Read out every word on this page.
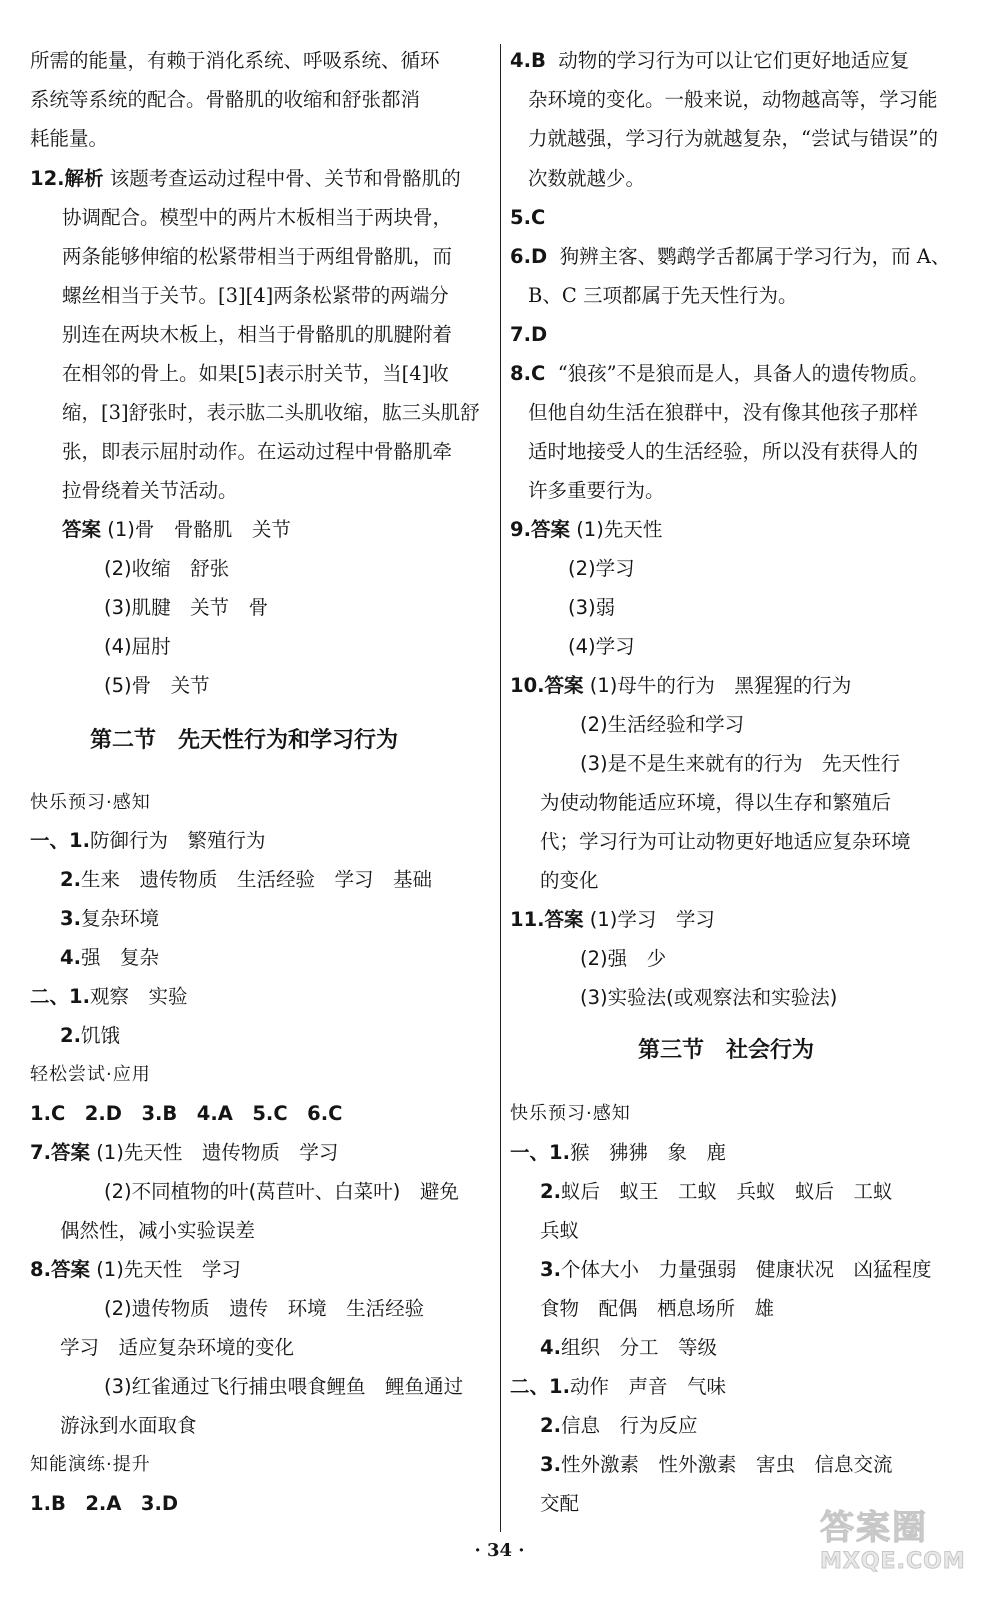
所需的能量，有赖于消化系统、呼吸系统、循环
系统等系统的配合。骨骼肌的收缩和舒张都消
耗能量。
12.解析 该题考查运动过程中骨、关节和骨骼肌的
协调配合。模型中的两片木板相当于两块骨，
两条能够伸缩的松紧带相当于两组骨骼肌，而
螺丝相当于关节。[3][4]两条松紧带的两端分
别连在两块木板上，相当于骨骼肌的肌腱附着
在相邻的骨上。如果[5]表示肘关节，当[4]收
缩，[3]舒张时，表示肱二头肌收缩，肱三头肌舒
张，即表示屈肘动作。在运动过程中骨骼肌牵
拉骨绕着关节活动。
答案 (1)骨　骨骼肌　关节
(2)收缩　舒张
(3)肌腱　关节　骨
(4)屈肘
(5)骨　关节
第二节　先天性行为和学习行为
快乐预习·感知
一、1.防御行为　繁殖行为
2.生来　遗传物质　生活经验　学习　基础
3.复杂环境
4.强　复杂
二、1.观察　实验
2.饥饿
轻松尝试·应用
1.C　2.D　3.B　4.A　5.C　6.C
7.答案 (1)先天性　遗传物质　学习
(2)不同植物的叶(莴苣叶、白菜叶)　避免
偶然性，减小实验误差
8.答案 (1)先天性　学习
(2)遗传物质　遗传　环境　生活经验
学习　适应复杂环境的变化
(3)红雀通过飞行捕虫喂食鲤鱼　鲤鱼通过
游泳到水面取食
知能演练·提升
1.B　2.A　3.D
4.B 动物的学习行为可以让它们更好地适应复
杂环境的变化。一般来说，动物越高等，学习能
力就越强，学习行为就越复杂，“尝试与错误”的
次数就越少。
5.C
6.D 狗辨主客、鹦鹉学舌都属于学习行为，而 A、
B、C 三项都属于先天性行为。
7.D
8.C “狼孩”不是狼而是人，具备人的遗传物质。
但他自幼生活在狼群中，没有像其他孩子那样
适时地接受人的生活经验，所以没有获得人的
许多重要行为。
9.答案 (1)先天性
(2)学习
(3)弱
(4)学习
10.答案 (1)母牛的行为　黑猩猩的行为
(2)生活经验和学习
(3)是不是生来就有的行为　先天性行
为使动物能适应环境，得以生存和繁殖后
代；学习行为可让动物更好地适应复杂环境
的变化
11.答案 (1)学习　学习
(2)强　少
(3)实验法(或观察法和实验法)
第三节　社会行为
快乐预习·感知
一、1.猴　狒狒　象　鹿
2.蚁后　蚁王　工蚁　兵蚁　蚁后　工蚁
兵蚁
3.个体大小　力量强弱　健康状况　凶猛程度
食物　配偶　栖息场所　雄
4.组织　分工　等级
二、1.动作　声音　气味
2.信息　行为反应
3.性外激素　性外激素　害虫　信息交流
交配
· 34 ·
答案圈
MXQE.COM
